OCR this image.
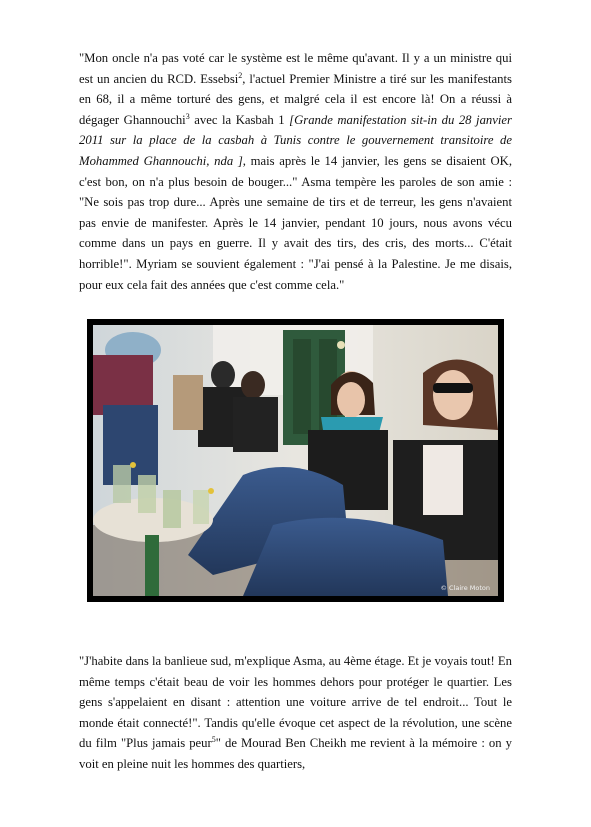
"Mon oncle n'a pas voté car le système est le même qu'avant. Il y a un ministre qui est un ancien du RCD. Essebsi$^2$, l'actuel Premier Ministre a tiré sur les manifestants en 68, il a même torturé des gens, et malgré cela il est encore là! On a réussi à dégager Ghannouchi$^3$ avec la Kasbah 1 [Grande manifestation sit-in du 28 janvier 2011 sur la place de la casbah à Tunis contre le gouvernement transitoire de Mohammed Ghannouchi, nda ], mais après le 14 janvier, les gens se disaient OK, c'est bon, on n'a plus besoin de bouger..." Asma tempère les paroles de son amie : "Ne sois pas trop dure... Après une semaine de tirs et de terreur, les gens n'avaient pas envie de manifester. Après le 14 janvier, pendant 10 jours, nous avons vécu comme dans un pays en guerre. Il y avait des tirs, des cris, des morts... C'était horrible!". Myriam se souvient également : "J'ai pensé à la Palestine. Je me disais, pour eux cela fait des années que c'est comme cela."

© Claire Moton

"J'habite dans la banlieue sud, m'explique Asma, au 4ème étage. Et je voyais tout! En même temps c'était beau de voir les hommes dehors pour protéger le quartier. Les gens s'appelaient en disant : attention une voiture arrive de tel endroit... Tout le monde était connecté!". Tandis qu'elle évoque cet aspect de la révolution, une scène du film "Plus jamais peur$^5$" de Mourad Ben Cheikh me revient à la mémoire : on y voit en pleine nuit les hommes des quartiers,
